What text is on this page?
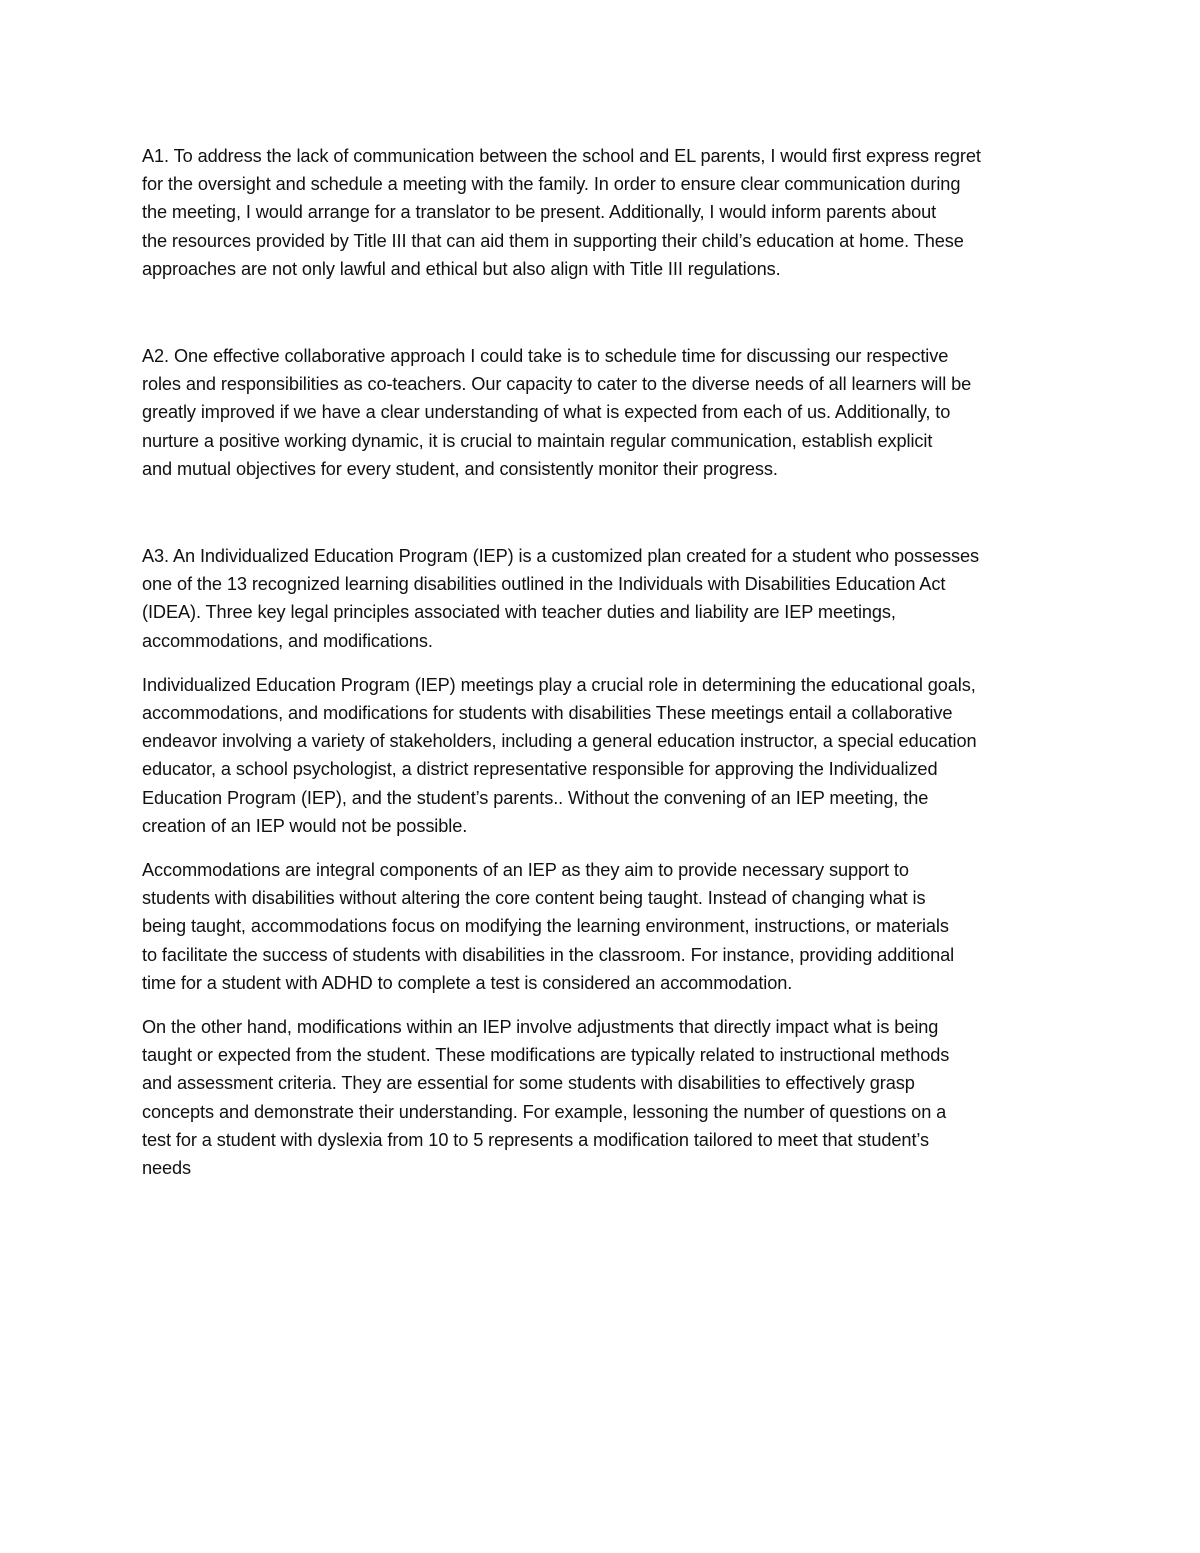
A1. To address the lack of communication between the school and EL parents, I would first express regret
for the oversight and schedule a meeting with the family. In order to ensure clear communication during
the meeting, I would arrange for a translator to be present. Additionally, I would inform parents about
the resources provided by Title III that can aid them in supporting their child’s education at home. These
approaches are not only lawful and ethical but also align with Title III regulations.

A2. One effective collaborative approach I could take is to schedule time for discussing our respective
roles and responsibilities as co-teachers. Our capacity to cater to the diverse needs of all learners will be
greatly improved if we have a clear understanding of what is expected from each of us. Additionally, to
nurture a positive working dynamic, it is crucial to maintain regular communication, establish explicit
and mutual objectives for every student, and consistently monitor their progress.

A3. An Individualized Education Program (IEP) is a customized plan created for a student who possesses
one of the 13 recognized learning disabilities outlined in the Individuals with Disabilities Education Act
(IDEA). Three key legal principles associated with teacher duties and liability are IEP meetings,
accommodations, and modifications.

Individualized Education Program (IEP) meetings play a crucial role in determining the educational goals,
accommodations, and modifications for students with disabilities These meetings entail a collaborative
endeavor involving a variety of stakeholders, including a general education instructor, a special education
educator, a school psychologist, a district representative responsible for approving the Individualized
Education Program (IEP), and the student’s parents.. Without the convening of an IEP meeting, the
creation of an IEP would not be possible.

Accommodations are integral components of an IEP as they aim to provide necessary support to
students with disabilities without altering the core content being taught. Instead of changing what is
being taught, accommodations focus on modifying the learning environment, instructions, or materials
to facilitate the success of students with disabilities in the classroom. For instance, providing additional
time for a student with ADHD to complete a test is considered an accommodation.

On the other hand, modifications within an IEP involve adjustments that directly impact what is being
taught or expected from the student. These modifications are typically related to instructional methods
and assessment criteria. They are essential for some students with disabilities to effectively grasp
concepts and demonstrate their understanding. For example, lessoning the number of questions on a
test for a student with dyslexia from 10 to 5 represents a modification tailored to meet that student’s
needs
